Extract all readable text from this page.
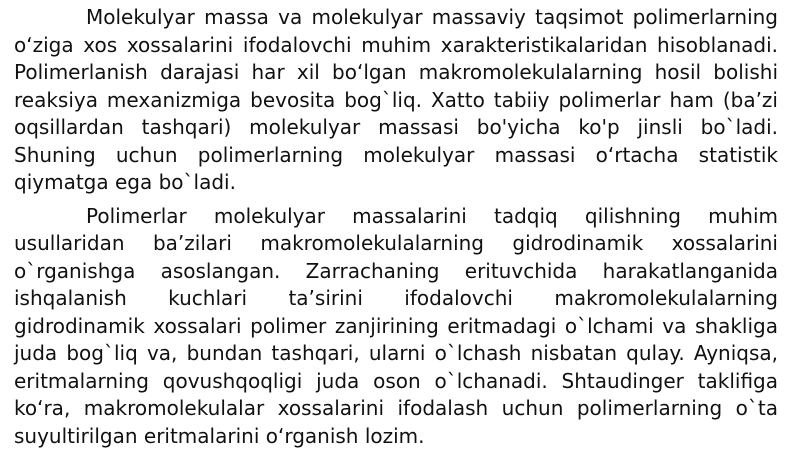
Molekulyar massa va molekulyar massaviy taqsimot polimerlarning
o‘ziga xos xossalarini ifodalovchi muhim xarakteristikalaridan hisoblanadi.
Polimerlanish darajasi har xil bo‘lgan makromolekulalarning hosil bolishi
reaksiya mexanizmiga bevosita bog`liq. Xatto tabiiy polimerlar ham (ba’zi
oqsillardan tashqari) molekulyar massasi bo'yicha ko'p jinsli bo`ladi.
Shuning uchun polimerlarning molekulyar massasi o‘rtacha statistik
qiymatga ega bo`ladi.

Polimerlar molekulyar massalarini tadqiq qilishning muhim
usullaridan ba’zilari makromolekulalarning gidrodinamik xossalarini
o`rganishga asoslangan. Zarrachaning erituvchida harakatlanganida
ishqalanish kuchlari ta’sirini ifodalovchi makromolekulalarning
gidrodinamik xossalari polimer zanjirining eritmadagi o`lchami va shakliga
juda bog`liq va, bundan tashqari, ularni o`lchash nisbatan qulay. Ayniqsa,
eritmalarning qovushqoqligi juda oson o`lchanadi. Shtaudinger taklifiga
ko‘ra, makromolekulalar xossalarini ifodalash uchun polimerlarning o`ta
suyultirilgan eritmalarini o‘rganish lozim.
